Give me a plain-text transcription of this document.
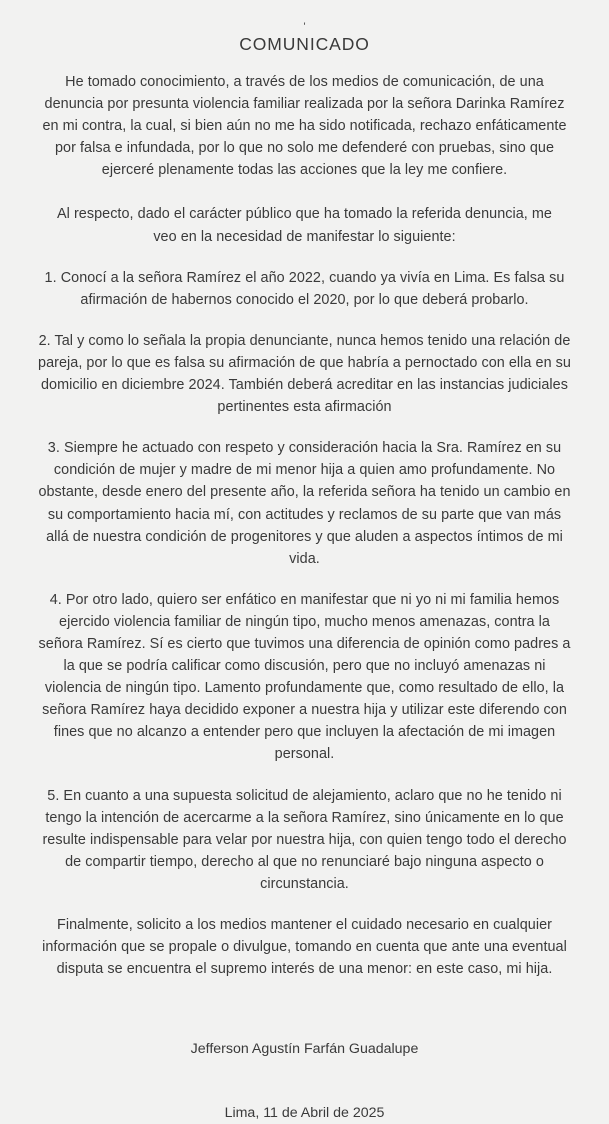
'
COMUNICADO

He tomado conocimiento, a través de los medios de comunicación, de una denuncia por presunta violencia familiar realizada por la señora Darinka Ramírez en mi contra, la cual, si bien aún no me ha sido notificada, rechazo enfáticamente por falsa e infundada, por lo que no solo me defenderé con pruebas, sino que ejerceré plenamente todas las acciones que la ley me confiere.

Al respecto, dado el carácter público que ha tomado la referida denuncia, me veo en la necesidad de manifestar lo siguiente:

1. Conocí a la señora Ramírez el año 2022, cuando ya vivía en Lima. Es falsa su afirmación de habernos conocido el 2020, por lo que deberá probarlo.

2. Tal y como lo señala la propia denunciante, nunca hemos tenido una relación de pareja, por lo que es falsa su afirmación de que habría a pernoctado con ella en su domicilio en diciembre 2024. También deberá acreditar en las instancias judiciales pertinentes esta afirmación

3. Siempre he actuado con respeto y consideración hacia la Sra. Ramírez en su condición de mujer y madre de mi menor hija a quien amo profundamente. No obstante, desde enero del presente año, la referida señora ha tenido un cambio en su comportamiento hacia mí, con actitudes y reclamos de su parte que van más allá de nuestra condición de progenitores y que aluden a aspectos íntimos de mi vida.

4. Por otro lado, quiero ser enfático en manifestar que ni yo ni mi familia hemos ejercido violencia familiar de ningún tipo, mucho menos amenazas, contra la señora Ramírez. Sí es cierto que tuvimos una diferencia de opinión como padres a la que se podría calificar como discusión, pero que no incluyó amenazas ni violencia de ningún tipo. Lamento profundamente que, como resultado de ello, la señora Ramírez haya decidido exponer a nuestra hija y utilizar este diferendo con fines que no alcanzo a entender pero que incluyen la afectación de mi imagen personal.

5. En cuanto a una supuesta solicitud de alejamiento, aclaro que no he tenido ni tengo la intención de acercarme a la señora Ramírez, sino únicamente en lo que resulte indispensable para velar por nuestra hija, con quien tengo todo el derecho de compartir tiempo, derecho al que no renunciaré bajo ninguna aspecto o circunstancia.

Finalmente, solicito a los medios mantener el cuidado necesario en cualquier información que se propale o divulgue, tomando en cuenta que ante una eventual disputa se encuentra el supremo interés de una menor: en este caso, mi hija.

Jefferson Agustín Farfán Guadalupe
Lima, 11 de Abril de 2025
